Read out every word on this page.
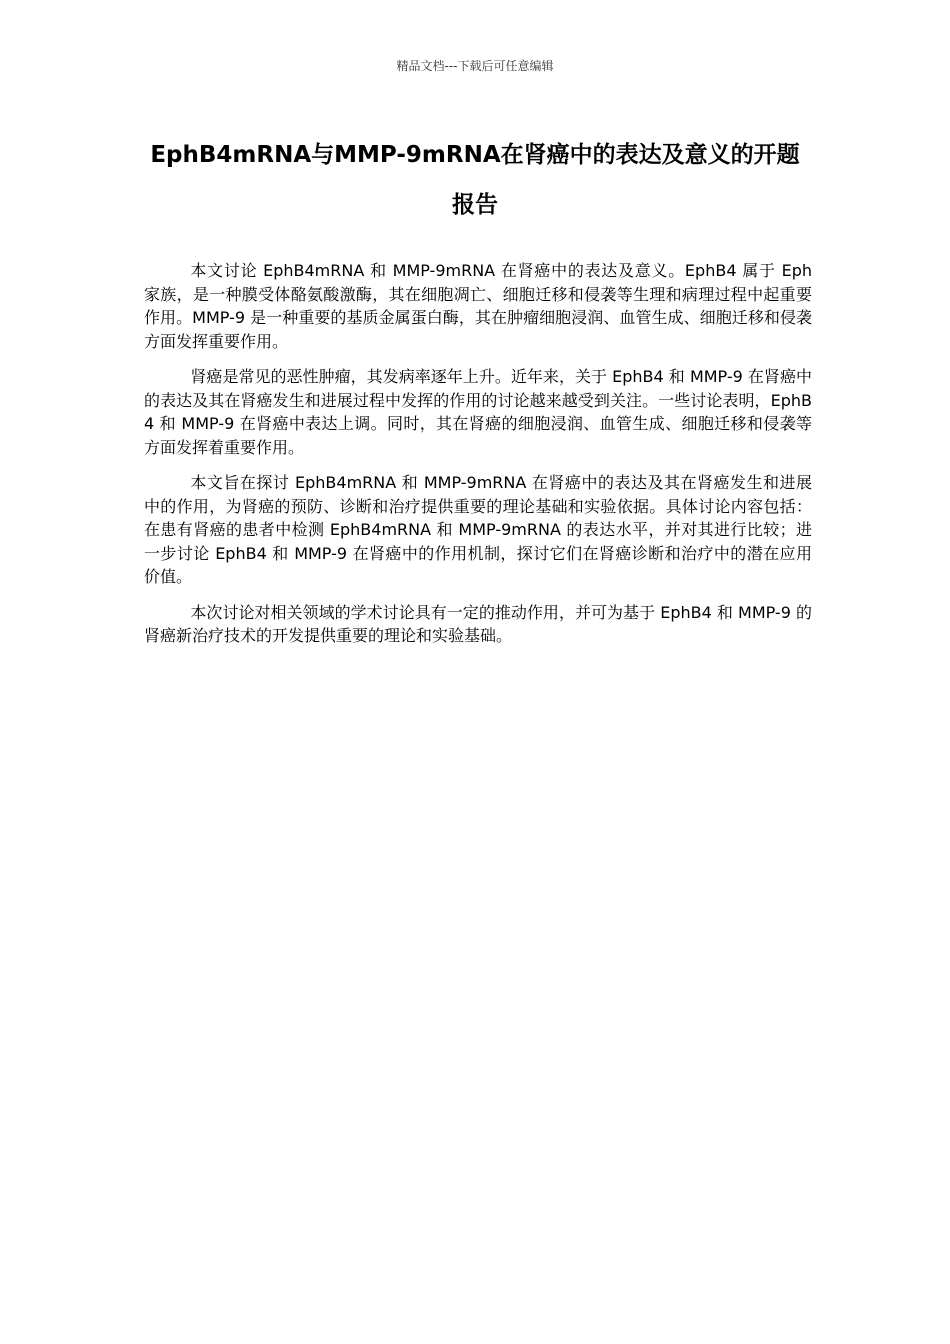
精品文档---下载后可任意编辑
EphB4mRNA与MMP-9mRNA在肾癌中的表达及意义的开题报告

本文讨论 EphB4mRNA 和 MMP-9mRNA 在肾癌中的表达及意义。EphB4 属于 Eph 家族，是一种膜受体酪氨酸激酶，其在细胞凋亡、细胞迁移和侵袭等生理和病理过程中起重要作用。MMP-9 是一种重要的基质金属蛋白酶，其在肿瘤细胞浸润、血管生成、细胞迁移和侵袭方面发挥重要作用。

肾癌是常见的恶性肿瘤，其发病率逐年上升。近年来，关于 EphB4 和 MMP-9 在肾癌中的表达及其在肾癌发生和进展过程中发挥的作用的讨论越来越受到关注。一些讨论表明，EphB4 和 MMP-9 在肾癌中表达上调。同时，其在肾癌的细胞浸润、血管生成、细胞迁移和侵袭等方面发挥着重要作用。

本文旨在探讨 EphB4mRNA 和 MMP-9mRNA 在肾癌中的表达及其在肾癌发生和进展中的作用，为肾癌的预防、诊断和治疗提供重要的理论基础和实验依据。具体讨论内容包括：在患有肾癌的患者中检测 EphB4mRNA 和 MMP-9mRNA 的表达水平，并对其进行比较；进一步讨论 EphB4 和 MMP-9 在肾癌中的作用机制，探讨它们在肾癌诊断和治疗中的潜在应用价值。

本次讨论对相关领域的学术讨论具有一定的推动作用，并可为基于 EphB4 和 MMP-9 的肾癌新治疗技术的开发提供重要的理论和实验基础。
